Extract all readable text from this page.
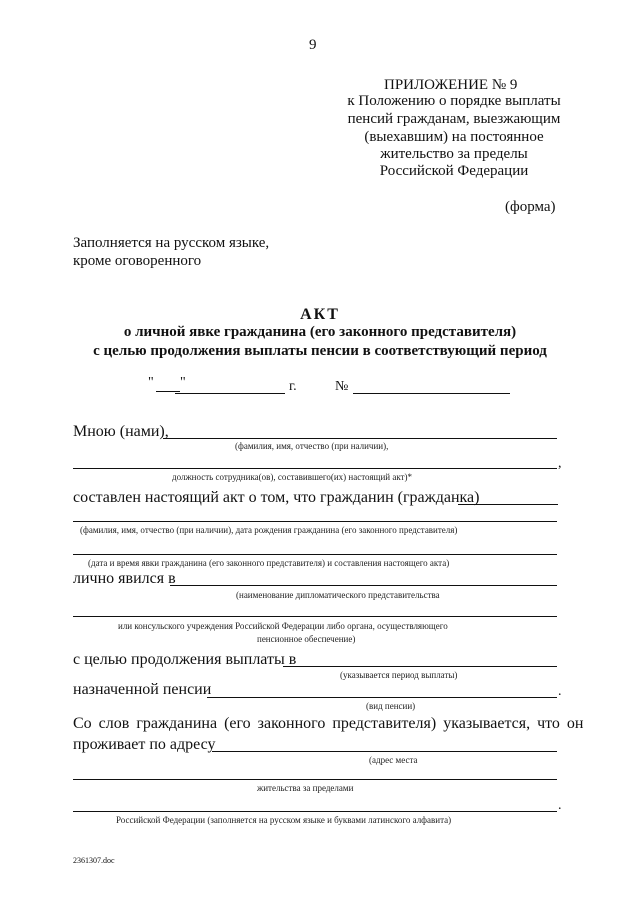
9
ПРИЛОЖЕНИЕ № 9
к Положению о порядке выплаты
пенсий гражданам, выезжающим
(выехавшим) на постоянное
жительство за пределы
Российской Федерации
(форма)
Заполняется на русском языке,
кроме оговоренного
АКТ
о личной явке гражданина (его законного представителя)
с целью продолжения выплаты пенсии в соответствующий период
" "	г.	№
Мною (нами),
(фамилия, имя, отчество (при наличии),
,
должность сотрудника(ов), составившего(их) настоящий акт)*
составлен настоящий акт о том, что гражданин (гражданка)
(фамилия, имя, отчество (при наличии), дата рождения гражданина (его законного представителя)
(дата и время явки гражданина (его законного представителя) и составления настоящего акта)
лично явился в
(наименование дипломатического представительства
или консульского учреждения Российской Федерации либо органа, осуществляющего
пенсионное обеспечение)
с целью продолжения выплаты в
(указывается период выплаты)
назначенной пенсии	.
(вид пенсии)
Со слов гражданина (его законного представителя) указывается, что он
проживает по адресу
(адрес места
жительства за пределами
.
Российской Федерации (заполняется на русском языке и буквами латинского алфавита)
2361307.doc
